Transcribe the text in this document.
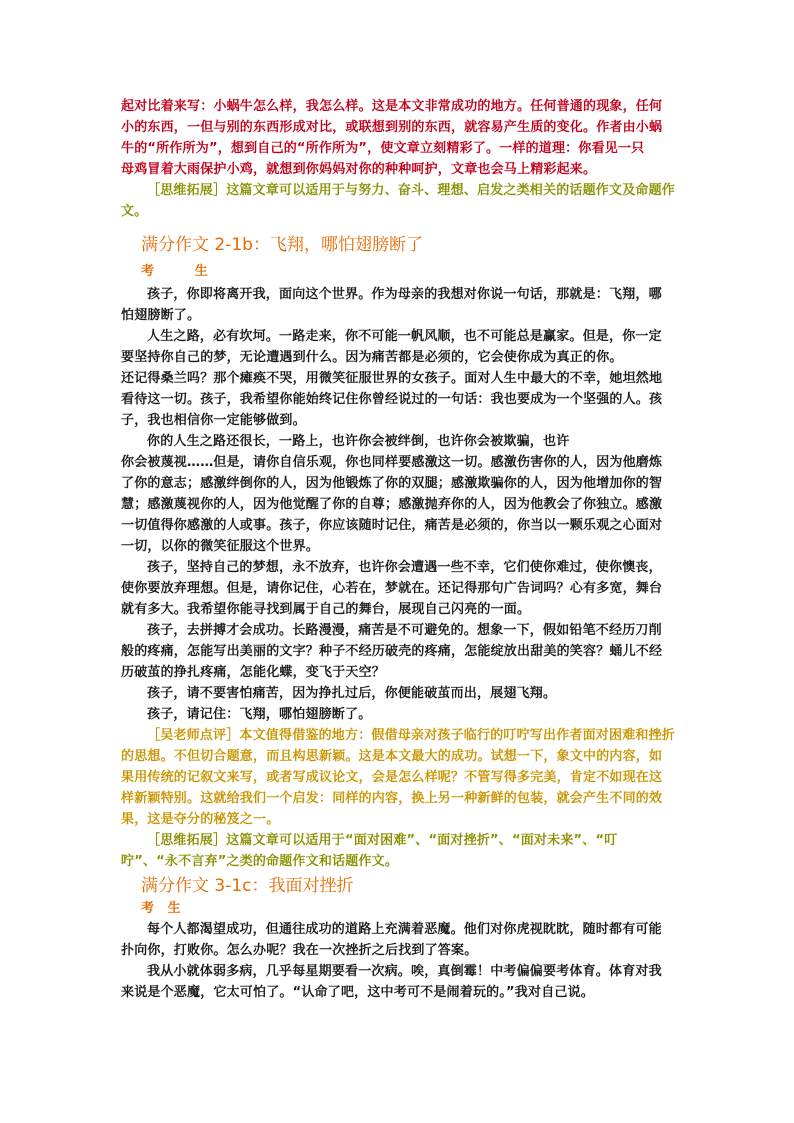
起对比着来写：小蜗牛怎么样，我怎么样。这是本文非常成功的地方。任何普通的现象，任何
小的东西，一但与别的东西形成对比，或联想到别的东西，就容易产生质的变化。作者由小蜗
牛的“所作所为”，想到自己的“所作所为”，使文章立刻精彩了。一样的道理：你看见一只
母鸡冒着大雨保护小鸡，就想到你妈妈对你的种种呵护，文章也会马上精彩起来。
［思维拓展］这篇文章可以适用于与努力、奋斗、理想、启发之类相关的话题作文及命题作
文。
满分作文 2-1b：飞翔，哪怕翅膀断了
考         生
孩子，你即将离开我，面向这个世界。作为母亲的我想对你说一句话，那就是：飞翔，哪
怕翅膀断了。
人生之路，必有坎坷。一路走来，你不可能一帆风顺，也不可能总是赢家。但是，你一定
要坚持你自己的梦，无论遭遇到什么。因为痛苦都是必须的，它会使你成为真正的你。
还记得桑兰吗？那个瘫痪不哭，用微笑征服世界的女孩子。面对人生中最大的不幸，她坦然地
看待这一切。孩子，我希望你能始终记住你曾经说过的一句话：我也要成为一个坚强的人。孩
子，我也相信你一定能够做到。
你的人生之路还很长，一路上，也许你会被绊倒，也许你会被欺骗，也许
你会被蔑视……但是，请你自信乐观，你也同样要感激这一切。感激伤害你的人，因为他磨炼
了你的意志；感激绊倒你的人，因为他锻炼了你的双腿；感激欺骗你的人，因为他增加你的智
慧；感激蔑视你的人，因为他觉醒了你的自尊；感激抛弃你的人，因为他教会了你独立。感激
一切值得你感激的人或事。孩子，你应该随时记住，痛苦是必须的，你当以一颗乐观之心面对
一切，以你的微笑征服这个世界。
孩子，坚持自己的梦想，永不放弃，也许你会遭遇一些不幸，它们使你难过，使你懊丧，
使你要放弃理想。但是，请你记住，心若在，梦就在。还记得那句广告词吗？心有多宽，舞台
就有多大。我希望你能寻找到属于自己的舞台，展现自己闪亮的一面。
孩子，去拼搏才会成功。长路漫漫，痛苦是不可避免的。想象一下，假如铅笔不经历刀削
般的疼痛，怎能写出美丽的文字？种子不经历破壳的疼痛，怎能绽放出甜美的笑容？蛹儿不经
历破茧的挣扎疼痛，怎能化蝶，变飞于天空？
孩子，请不要害怕痛苦，因为挣扎过后，你便能破茧而出，展翅飞翔。
孩子，请记住：飞翔，哪怕翅膀断了。
［吴老师点评］本文值得借鉴的地方：假借母亲对孩子临行的叮咛写出作者面对困难和挫折
的思想。不但切合题意，而且构思新颖。这是本文最大的成功。试想一下，象文中的内容，如
果用传统的记叙文来写，或者写成议论文，会是怎么样呢？不管写得多完美，肯定不如现在这
样新颖特别。这就给我们一个启发：同样的内容，换上另一种新鲜的包装，就会产生不同的效
果，这是夺分的秘笈之一。
［思维拓展］这篇文章可以适用于“面对困难”、“面对挫折”、“面对未来”、“叮
咛”、“永不言弃”之类的命题作文和话题作文。
满分作文 3-1c：我面对挫折
考   生
每个人都渴望成功，但通往成功的道路上充满着恶魔。他们对你虎视眈眈，随时都有可能
扑向你，打败你。怎么办呢？我在一次挫折之后找到了答案。
我从小就体弱多病，几乎每星期要看一次病。唉，真倒霉！中考偏偏要考体育。体育对我
来说是个恶魔，它太可怕了。“认命了吧，这中考可不是闹着玩的。”我对自己说。
